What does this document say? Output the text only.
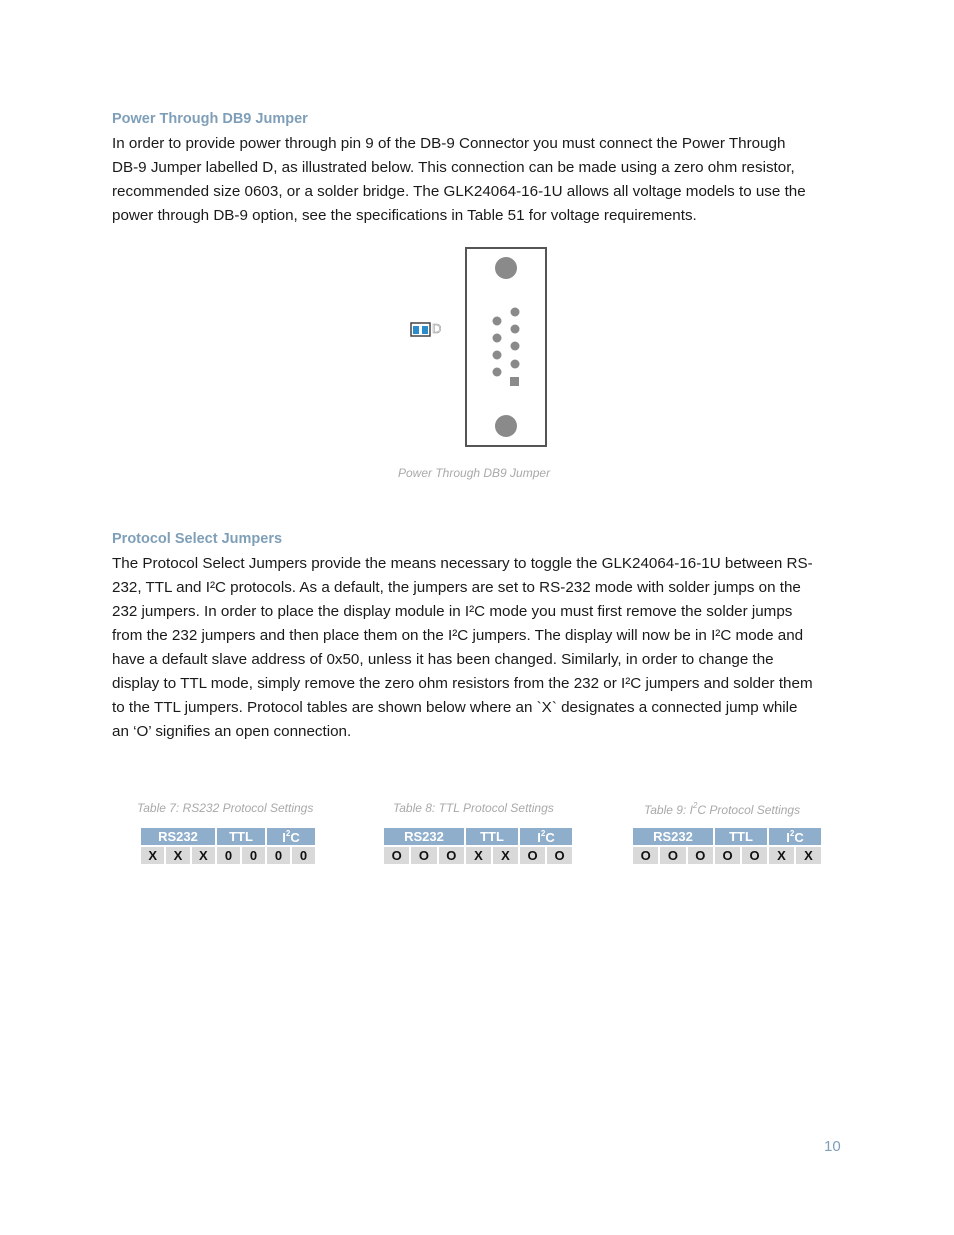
Power Through DB9 Jumper

In order to provide power through pin 9 of the DB-9 Connector you must connect the Power Through
DB-9 Jumper labelled D, as illustrated below. This connection can be made using a zero ohm resistor,
recommended size 0603, or a solder bridge. The GLK24064-16-1U allows all voltage models to use the
power through DB-9 option, see the specifications in Table 51 for voltage requirements.

D
Power Through DB9 Jumper
Protocol Select Jumpers

The Protocol Select Jumpers provide the means necessary to toggle the GLK24064-16-1U between RS-
232, TTL and I²C protocols. As a default, the jumpers are set to RS-232 mode with solder jumps on the
232 jumpers. In order to place the display module in I²C mode you must first remove the solder jumps
from the 232 jumpers and then place them on the I²C jumpers. The display will now be in I²C mode and
have a default slave address of 0x50, unless it has been changed. Similarly, in order to change the
display to TTL mode, simply remove the zero ohm resistors from the 232 or I²C jumpers and solder them
to the TTL jumpers. Protocol tables are shown below where an `X` designates a connected jump while
an ‘O’ signifies an open connection.

Table 7: RS232 Protocol Settings
RS232			TTL		$I^2C$	
X	X	X	0	0	0	0
Table 8: TTL Protocol Settings
RS232			TTL		$I^2C$	
O	O	O	X	X	O	O
Table 9: $I^2C$ Protocol Settings
RS232			TTL		$I^2C$	
O	O	O	O	O	X	X
10
